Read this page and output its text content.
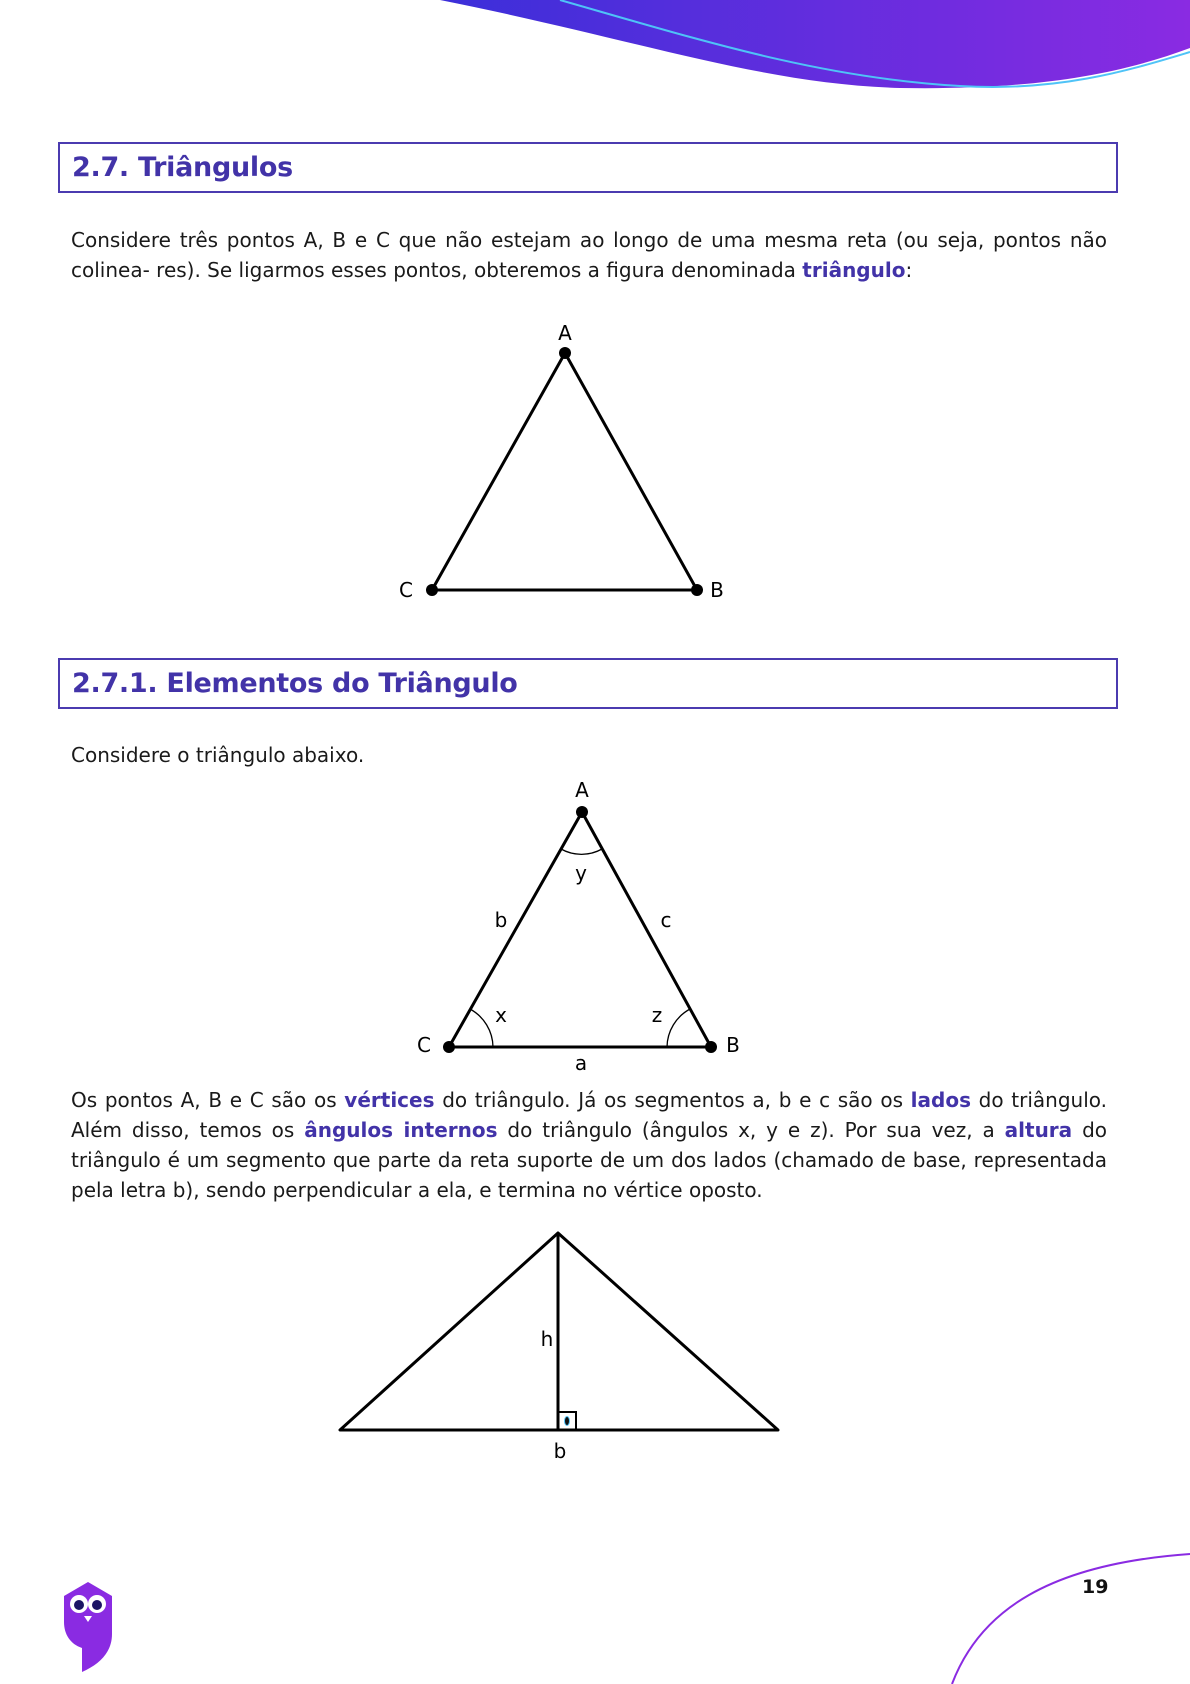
2.7. Triângulos
Considere três pontos A, B e C que não estejam ao longo de uma mesma reta (ou seja, pontos não colinea- res). Se ligarmos esses pontos, obteremos a figura denominada triângulo:
A
C	B
2.7.1. Elementos do Triângulo
Considere o triângulo abaixo.
A
C	B
y
b	c
x	z
a
Os pontos A, B e C são os vértices do triângulo. Já os segmentos a, b e c são os lados do triângulo. Além disso, temos os ângulos internos do triângulo (ângulos x, y e z). Por sua vez, a altura do triângulo é um segmento que parte da reta suporte de um dos lados (chamado de base, representada pela letra b), sendo perpendicular a ela, e termina no vértice oposto.
h
b
19
